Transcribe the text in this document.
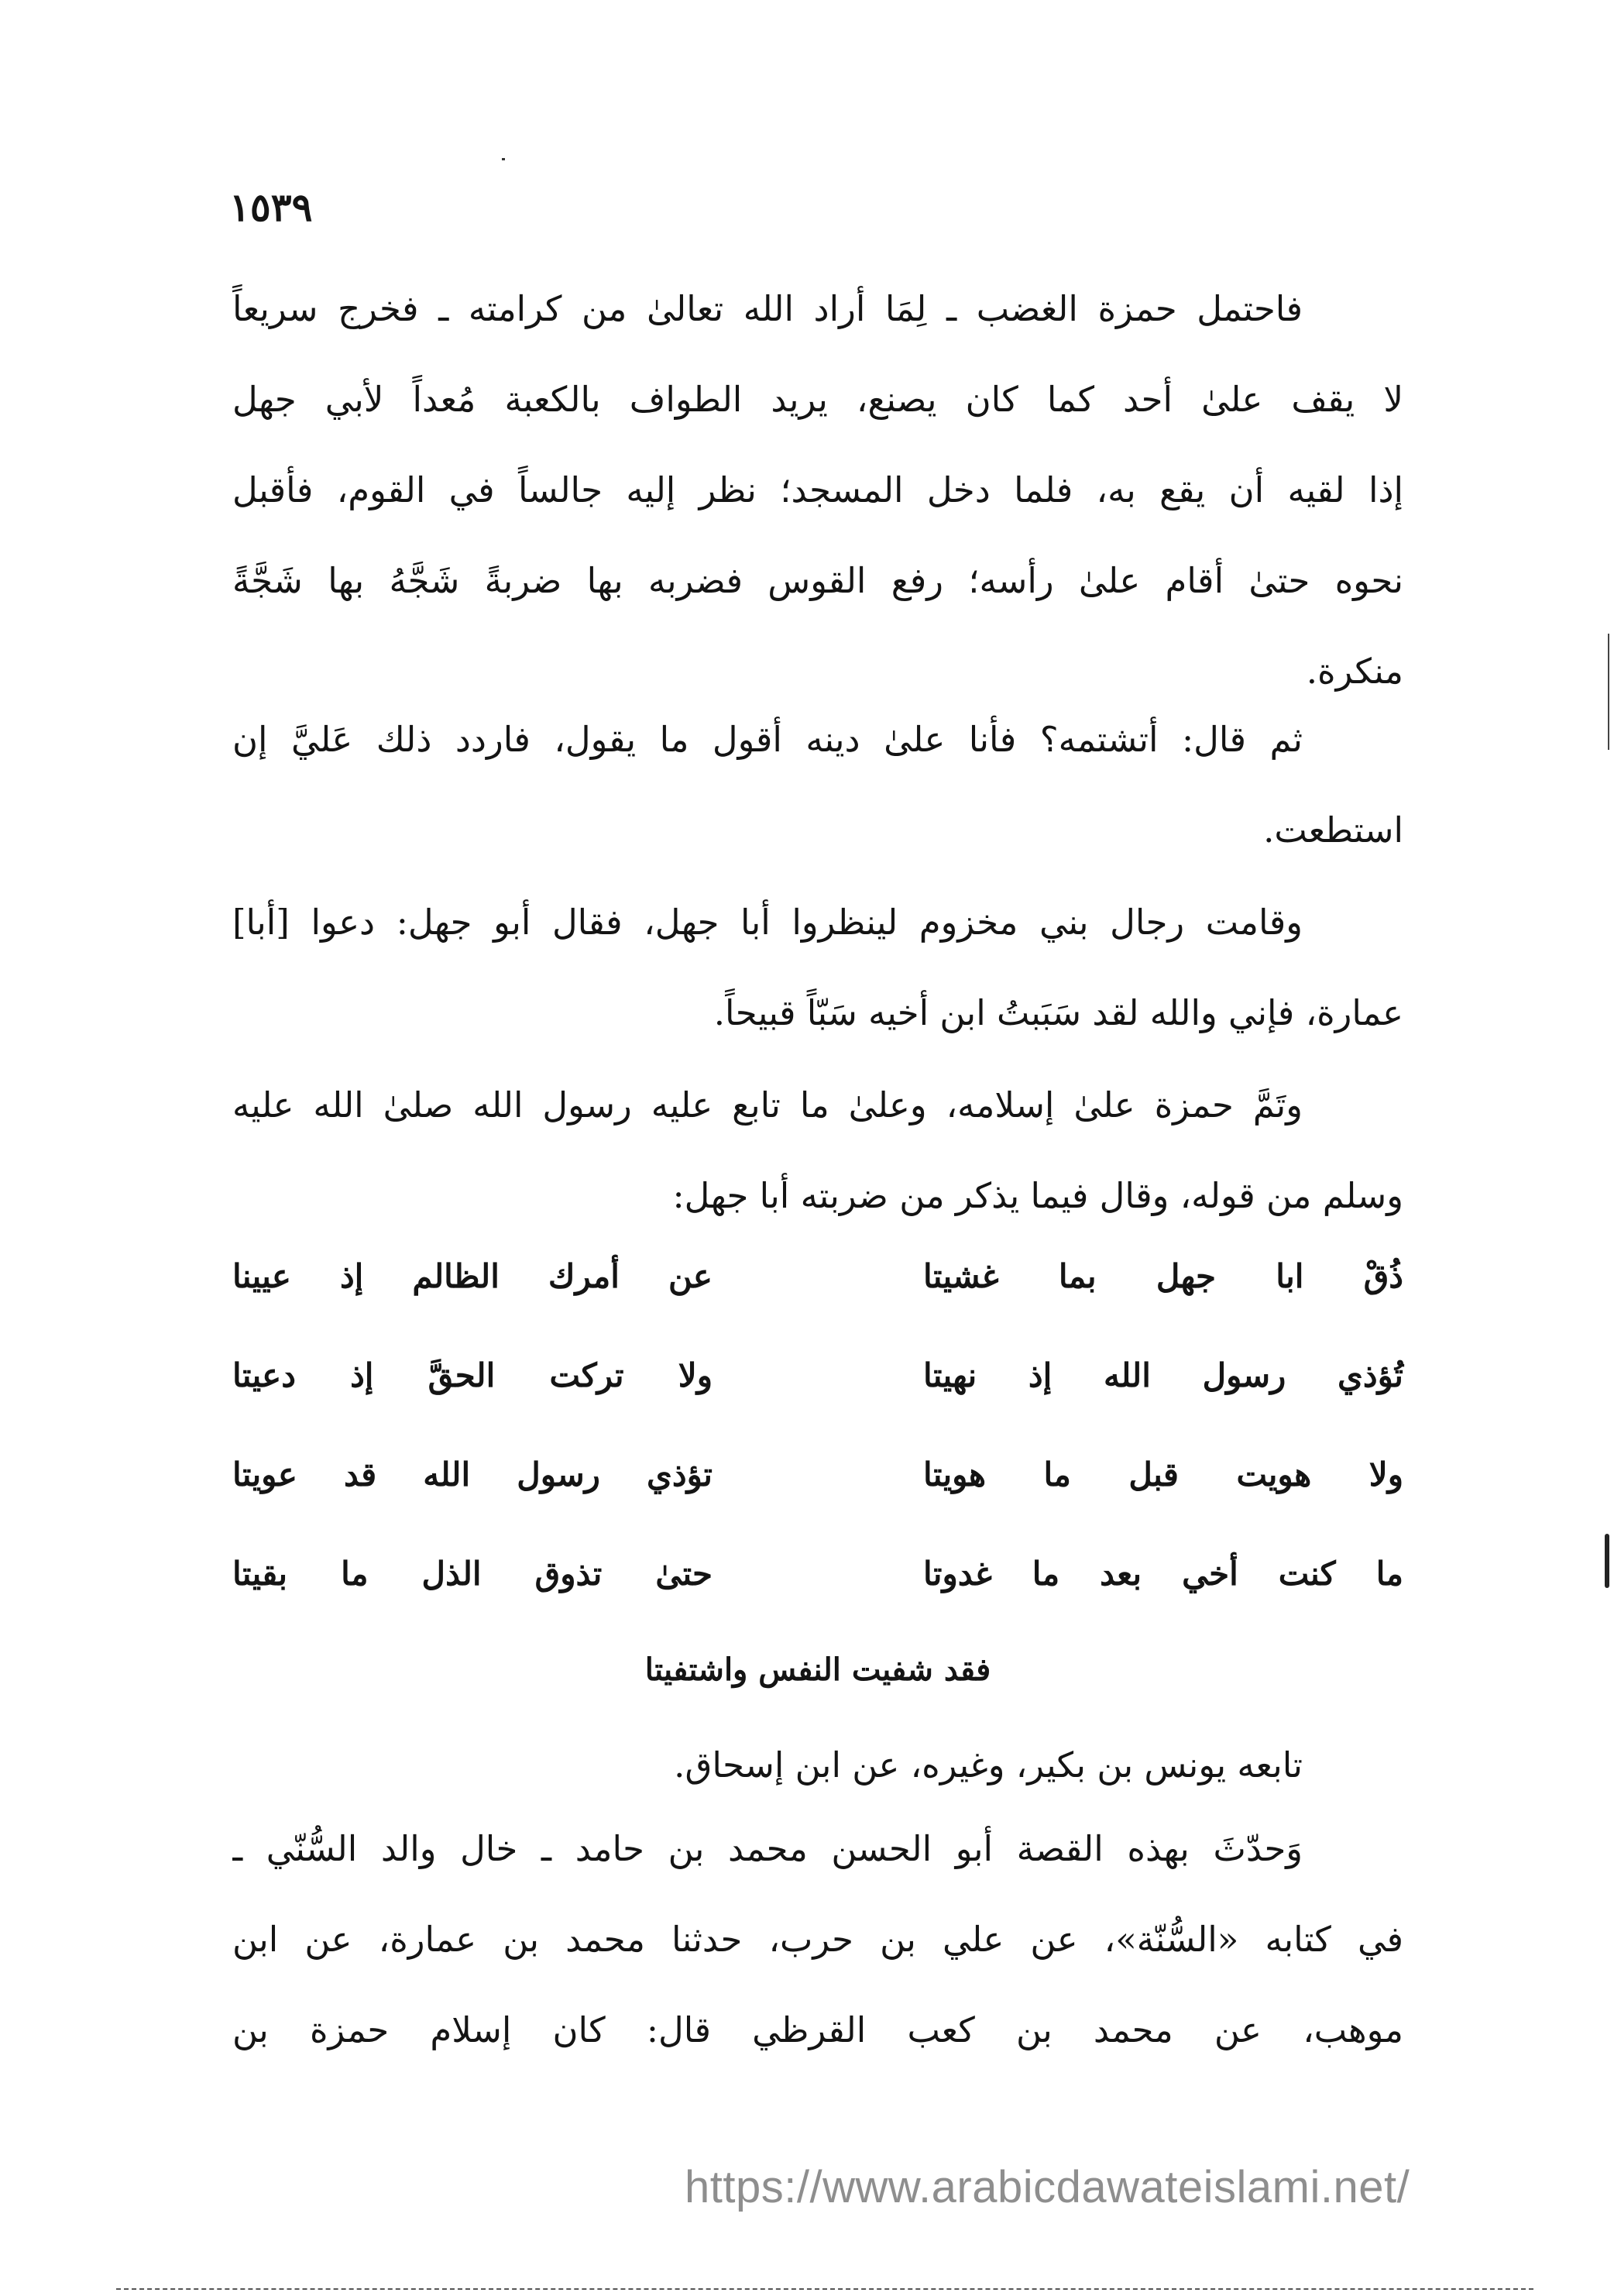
١٥٣٩
فاحتمل حمزة الغضب ـ لِمَا أراد الله تعالىٰ من كرامته ـ فخرج سريعاً
لا يقف علىٰ أحد كما كان يصنع، يريد الطواف بالكعبة مُعداً لأبي جهل
إذا لقيه أن يقع به، فلما دخل المسجد؛ نظر إليه جالساً في القوم، فأقبل
نحوه حتىٰ أقام علىٰ رأسه؛ رفع القوس فضربه بها ضربةً شَجَّهُ بها شَجَّةً
منكرة.
ثم قال: أتشتمه؟ فأنا علىٰ دينه أقول ما يقول، فاردد ذلك عَليَّ إن
استطعت.
وقامت رجال بني مخزوم لينظروا أبا جهل، فقال أبو جهل: دعوا [أبا]
عمارة، فإني والله لقد سَبَبتُ ابن أخيه سَبّاً قبيحاً.
وتَمَّ حمزة علىٰ إسلامه، وعلىٰ ما تابع عليه رسول الله صلىٰ الله عليه
وسلم من قوله، وقال فيما يذكر من ضربته أبا جهل:
ذُقْ ابا جهل بما غشيتا
عن أمرك الظالم إذ عيينا
تُؤذي رسول الله إذ نهيتا
ولا تركت الحقَّ إذ دعيتا
ولا هويت قبل ما هويتا
تؤذي رسول الله قد عويتا
ما كنت أخي بعد ما غدوتا
حتىٰ تذوق الذل ما بقيتا
فقد شفيت النفس واشتفيتا
تابعه يونس بن بكير، وغيره، عن ابن إسحاق.
وَحدّثَ بهذه القصة أبو الحسن محمد بن حامد ـ خال والد السُّنّي ـ
في كتابه «السُّنّة»، عن علي بن حرب، حدثنا محمد بن عمارة، عن ابن
موهب، عن محمد بن كعب القرظي قال: كان إسلام حمزة بن
https://www.arabicdawateislami.net/
